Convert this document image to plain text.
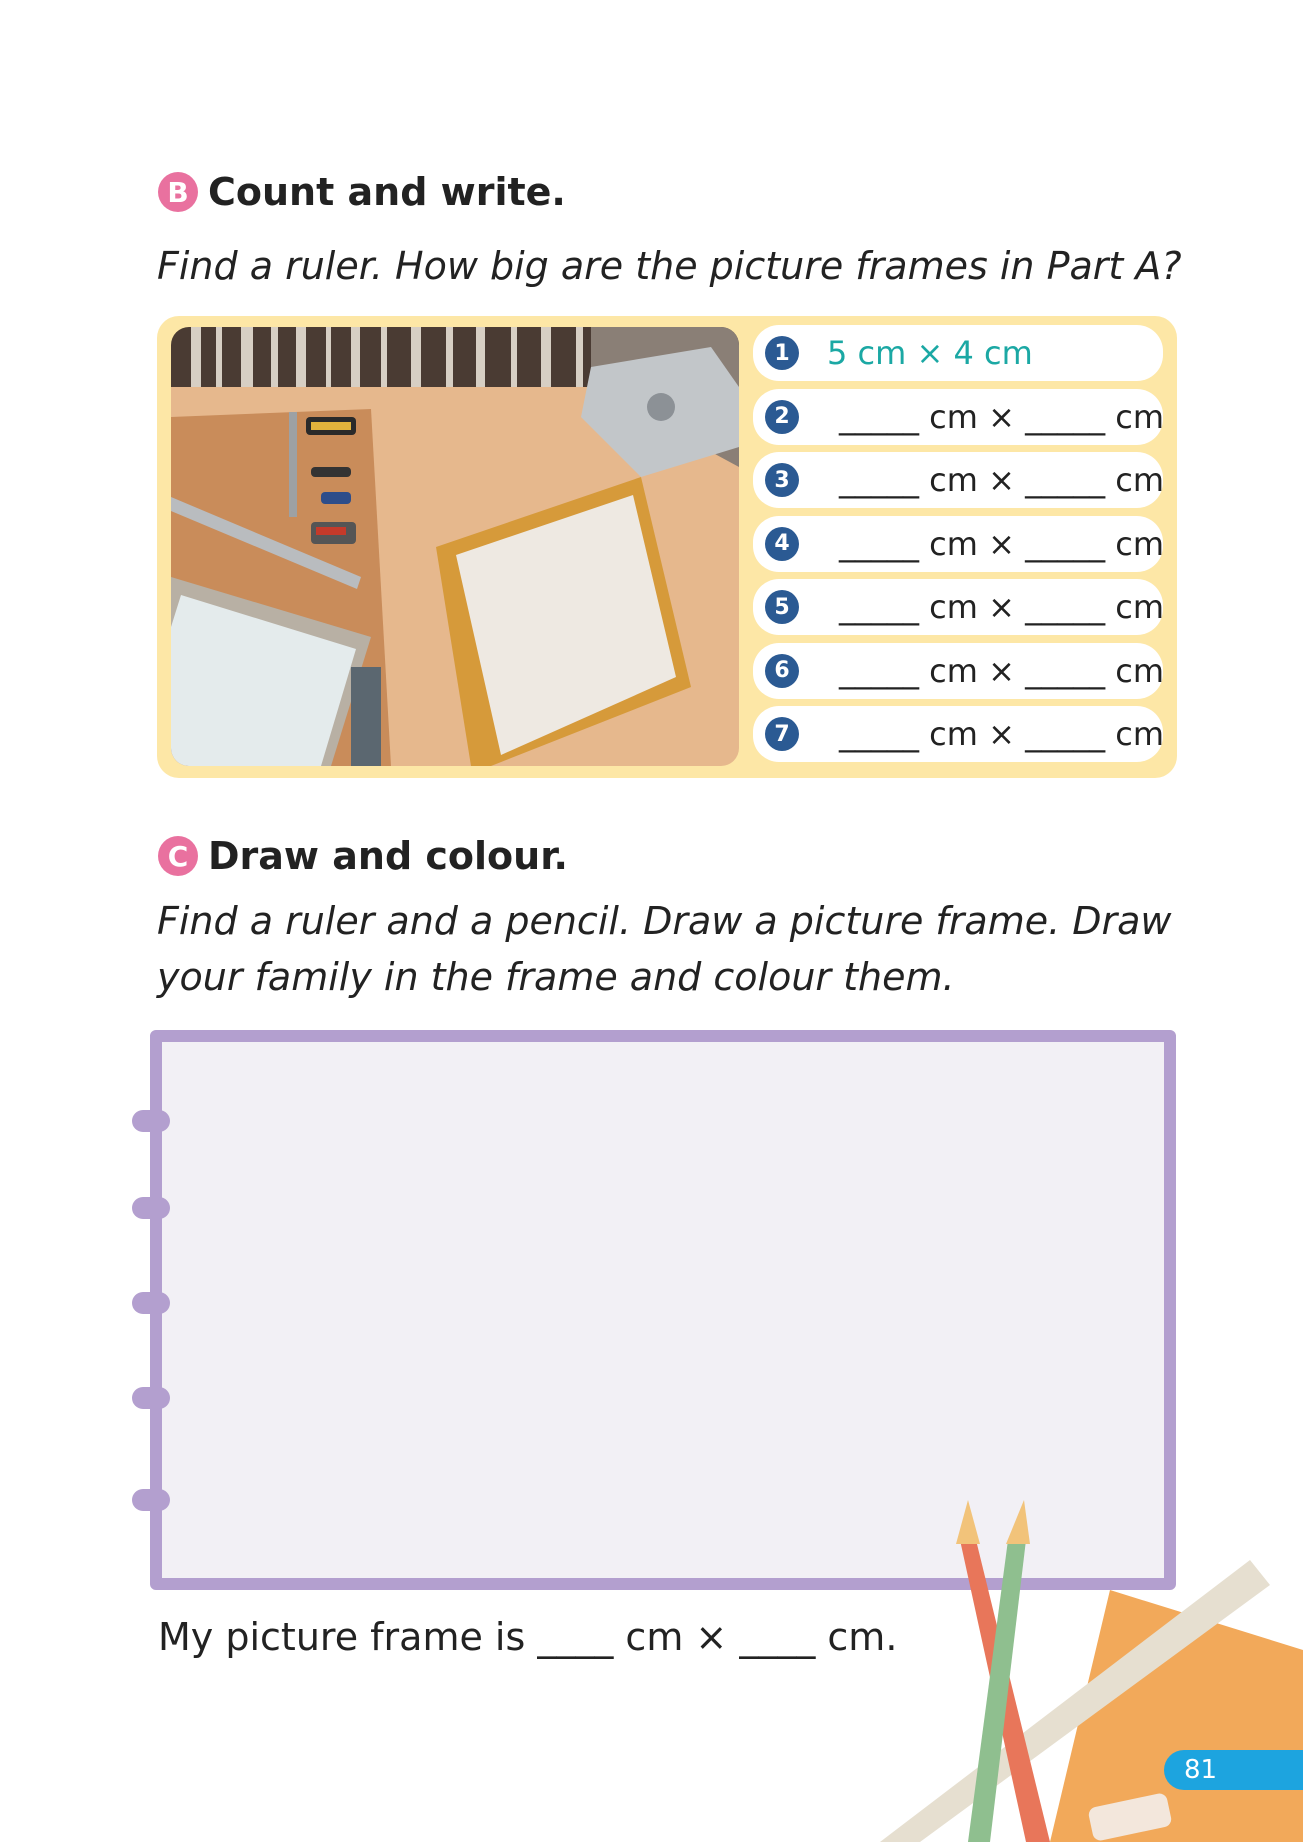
B Count and write.
Find a ruler. How big are the picture frames in Part A?
1 5 cm × 4 cm
2 _____ cm × _____ cm
3 _____ cm × _____ cm
4 _____ cm × _____ cm
5 _____ cm × _____ cm
6 _____ cm × _____ cm
7 _____ cm × _____ cm
C Draw and colour.
Find a ruler and a pencil. Draw a picture frame. Draw your family in the frame and colour them.
My picture frame is ____ cm × ____ cm.
81
